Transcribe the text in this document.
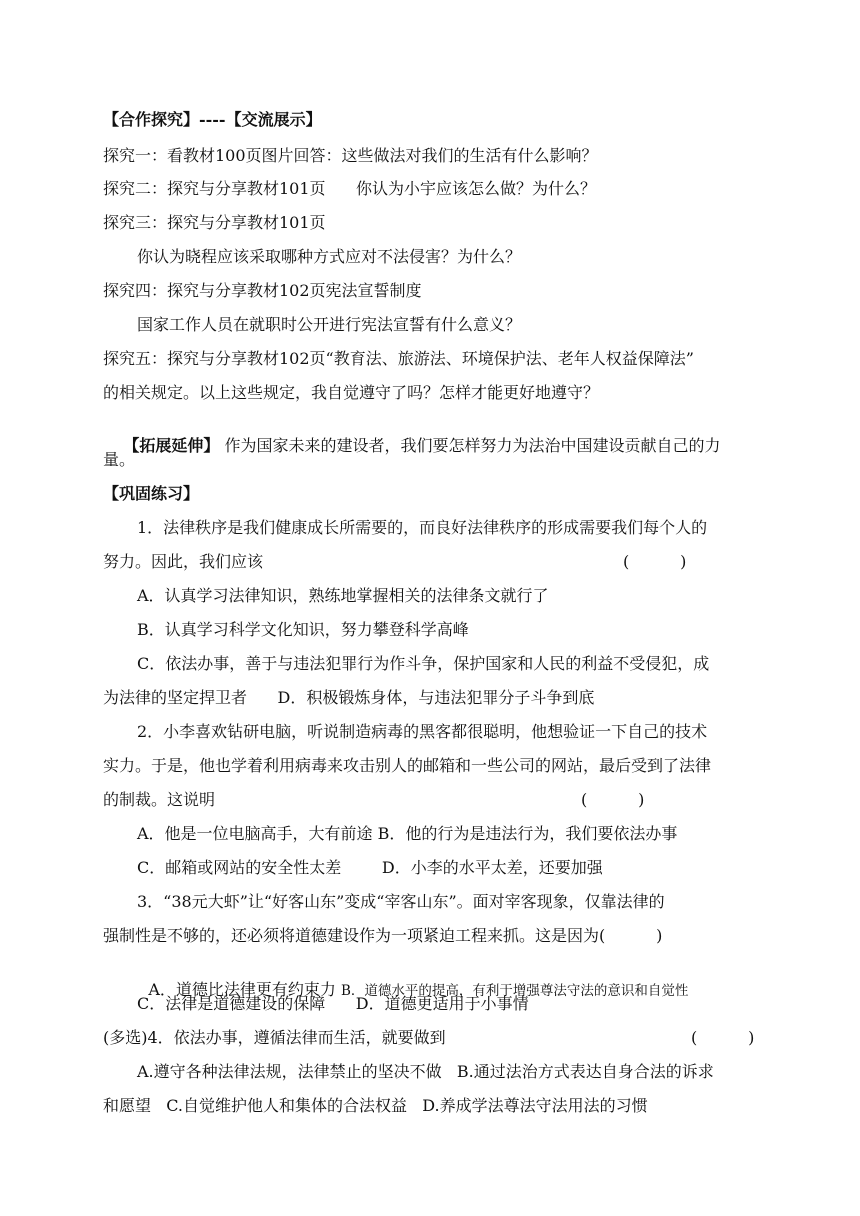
【合作探究】----【交流展示】
探究一：看教材100页图片回答：这些做法对我们的生活有什么影响？
探究二：探究与分享教材101页      你认为小宇应该怎么做？为什么？
探究三：探究与分享教材101页
你认为晓程应该采取哪种方式应对不法侵害？为什么？
探究四：探究与分享教材102页宪法宣誓制度
国家工作人员在就职时公开进行宪法宣誓有什么意义？
探究五：探究与分享教材102页“教育法、旅游法、环境保护法、老年人权益保障法”
的相关规定。以上这些规定，我自觉遵守了吗？怎样才能更好地遵守？

【拓展延伸】 作为国家未来的建设者，我们要怎样努力为法治中国建设贡献自己的力

量。
【巩固练习】
1．法律秩序是我们健康成长所需要的，而良好法律秩序的形成需要我们每个人的
努力。因此，我们应该	(          )
A．认真学习法律知识，熟练地掌握相关的法律条文就行了
B．认真学习科学文化知识，努力攀登科学高峰
C．依法办事，善于与违法犯罪行为作斗争，保护国家和人民的利益不受侵犯，成
为法律的坚定捍卫者      D．积极锻炼身体，与违法犯罪分子斗争到底
2．小李喜欢钻研电脑，听说制造病毒的黑客都很聪明，他想验证一下自己的技术
实力。于是，他也学着利用病毒来攻击别人的邮箱和一些公司的网站，最后受到了法律
的制裁。这说明	(          )
A．他是一位电脑高手，大有前途 B．他的行为是违法行为，我们要依法办事
C．邮箱或网站的安全性太差        D．小李的水平太差，还要加强
3．“38元大虾”让“好客山东”变成“宰客山东”。面对宰客现象，仅靠法律的
强制性是不够的，还必须将道德建设作为一项紧迫工程来抓。这是因为(          )

A．道德比法律更有约束力 B．道德水平的提高，有利于增强尊法守法的意识和自觉性

C．法律是道德建设的保障      D．道德更适用于小事情
(多选)4．依法办事，遵循法律而生活，就要做到	(          )
A.遵守各种法律法规，法律禁止的坚决不做   B.通过法治方式表达自身合法的诉求
和愿望   C.自觉维护他人和集体的合法权益   D.养成学法尊法守法用法的习惯
